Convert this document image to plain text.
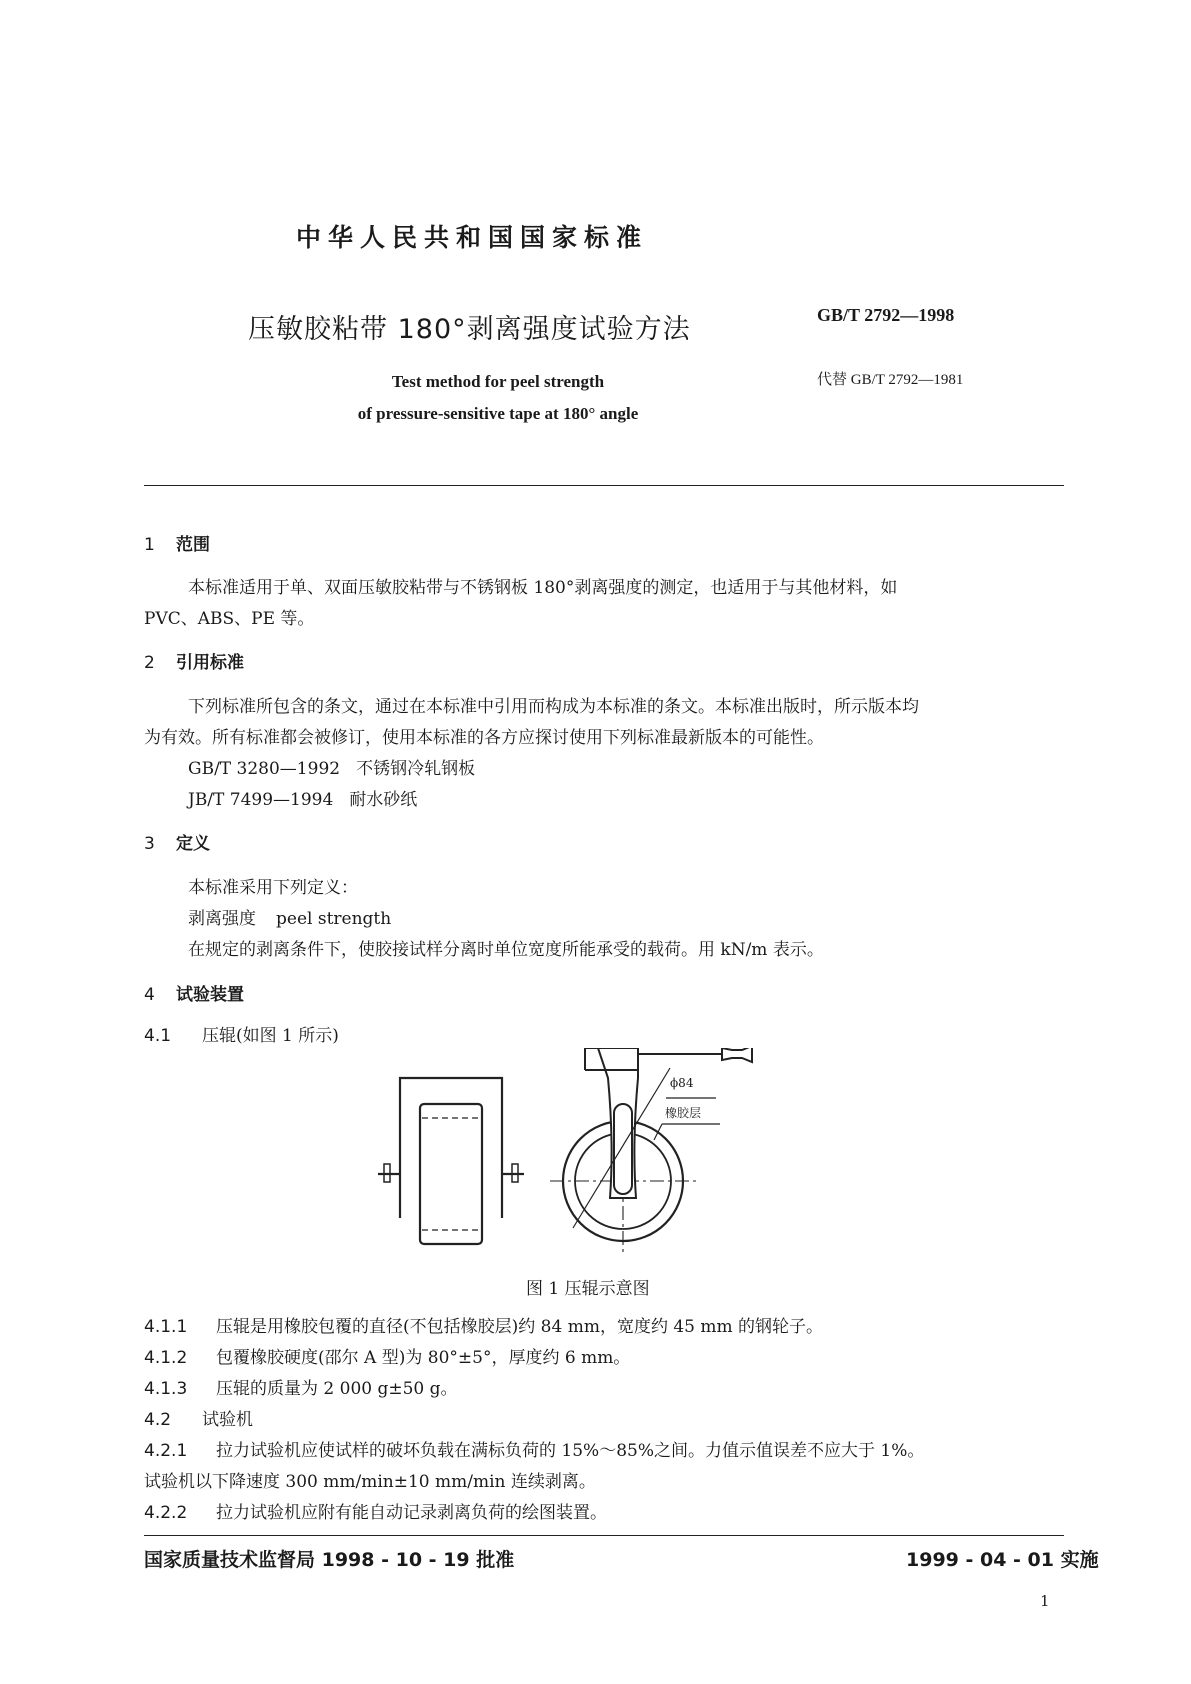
中华人民共和国国家标准
压敏胶粘带 180°剥离强度试验方法	GB/T 2792—1998
代替 GB/T 2792—1981
Test method for peel strength
of pressure-sensitive tape at 180° angle
1 范围
本标准适用于单、双面压敏胶粘带与不锈钢板 180°剥离强度的测定，也适用于与其他材料，如
PVC、ABS、PE 等。
2 引用标准
下列标准所包含的条文，通过在本标准中引用而构成为本标准的条文。本标准出版时，所示版本均
为有效。所有标准都会被修订，使用本标准的各方应探讨使用下列标准最新版本的可能性。
GB/T 3280—1992 不锈钢冷轧钢板
JB/T 7499—1994 耐水砂纸
3 定义
本标准采用下列定义：
剥离强度 peel strength
在规定的剥离条件下，使胶接试样分离时单位宽度所能承受的载荷。用 kN/m 表示。
4 试验装置
4.1 压辊(如图 1 所示)
ϕ84
橡胶层
图 1 压辊示意图
4.1.1 压辊是用橡胶包覆的直径(不包括橡胶层)约 84 mm，宽度约 45 mm 的钢轮子。
4.1.2 包覆橡胶硬度(邵尔 A 型)为 80°±5°，厚度约 6 mm。
4.1.3 压辊的质量为 2 000 g±50 g。
4.2 试验机
4.2.1 拉力试验机应使试样的破坏负载在满标负荷的 15%～85%之间。力值示值误差不应大于 1%。
试验机以下降速度 300 mm/min±10 mm/min 连续剥离。
4.2.2 拉力试验机应附有能自动记录剥离负荷的绘图装置。
国家质量技术监督局 1998 - 10 - 19 批准	1999 - 04 - 01 实施
1
